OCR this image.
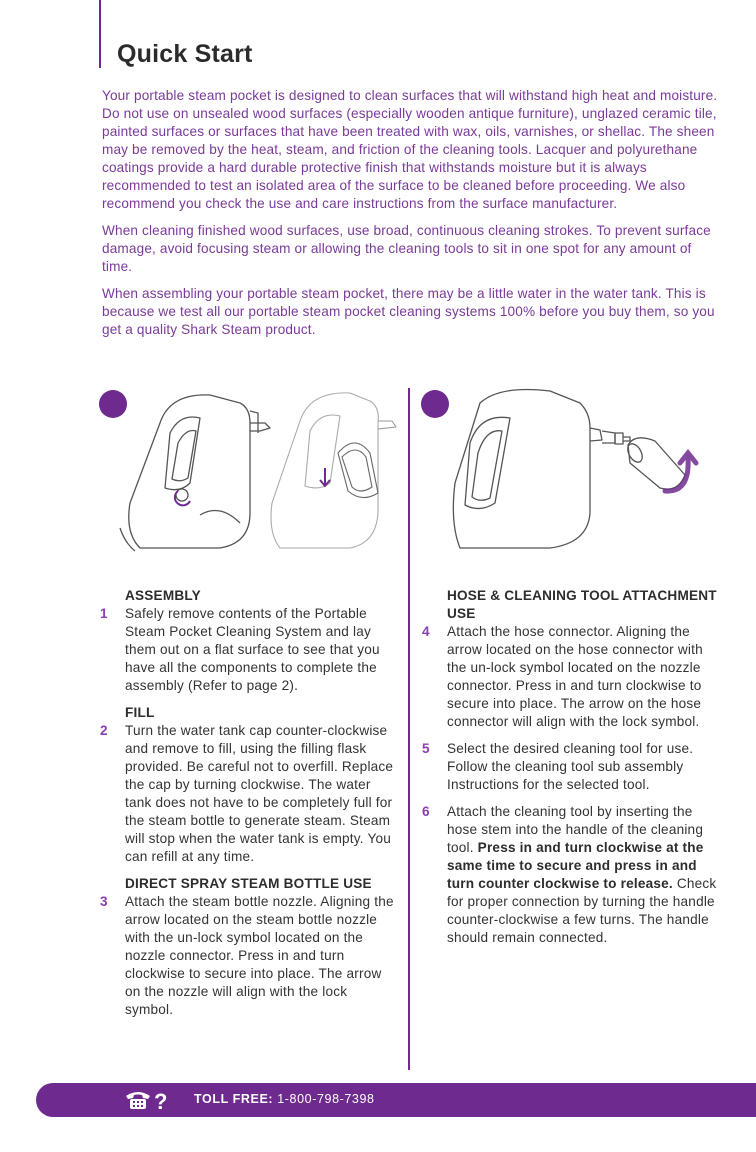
Quick Start

Your portable steam pocket is designed to clean surfaces that will withstand high heat and moisture. Do not use on unsealed wood surfaces (especially wooden antique furniture), unglazed ceramic tile, painted surfaces or surfaces that have been treated with wax, oils, varnishes, or shellac. The sheen may be removed by the heat, steam, and friction of the cleaning tools. Lacquer and polyurethane coatings provide a hard durable protective finish that withstands moisture but it is always recommended to test an isolated area of the surface to be cleaned before proceeding. We also recommend you check the use and care instructions from the surface manufacturer.

When cleaning finished wood surfaces, use broad, continuous cleaning strokes. To prevent surface damage, avoid focusing steam or allowing the cleaning tools to sit in one spot for any amount of time.

When assembling your portable steam pocket, there may be a little water in the water tank. This is because we test all our portable steam pocket cleaning systems 100% before you buy them, so you get a quality Shark Steam product.

ASSEMBLY

1 Safely remove contents of the Portable Steam Pocket Cleaning System and lay them out on a flat surface to see that you have all the components to complete the assembly (Refer to page 2).

FILL

2 Turn the water tank cap counter-clockwise and remove to fill, using the filling flask provided. Be careful not to overfill. Replace the cap by turning clockwise. The water tank does not have to be completely full for the steam bottle to generate steam. Steam will stop when the water tank is empty. You can refill at any time.

DIRECT SPRAY STEAM BOTTLE USE

3 Attach the steam bottle nozzle. Aligning the arrow located on the steam bottle nozzle with the un-lock symbol located on the nozzle connector. Press in and turn clockwise to secure into place. The arrow on the nozzle will align with the lock symbol.

HOSE & CLEANING TOOL ATTACHMENT USE

4 Attach the hose connector. Aligning the arrow located on the hose connector with the un-lock symbol located on the nozzle connector. Press in and turn clockwise to secure into place. The arrow on the hose connector will align with the lock symbol.
5 Select the desired cleaning tool for use. Follow the cleaning tool sub assembly Instructions for the selected tool.
6 Attach the cleaning tool by inserting the hose stem into the handle of the cleaning tool. Press in and turn clockwise at the same time to secure and press in and turn counter clockwise to release. Check for proper connection by turning the handle counter-clockwise a few turns. The handle should remain connected.
? TOLL FREE: 1-800-798-7398
